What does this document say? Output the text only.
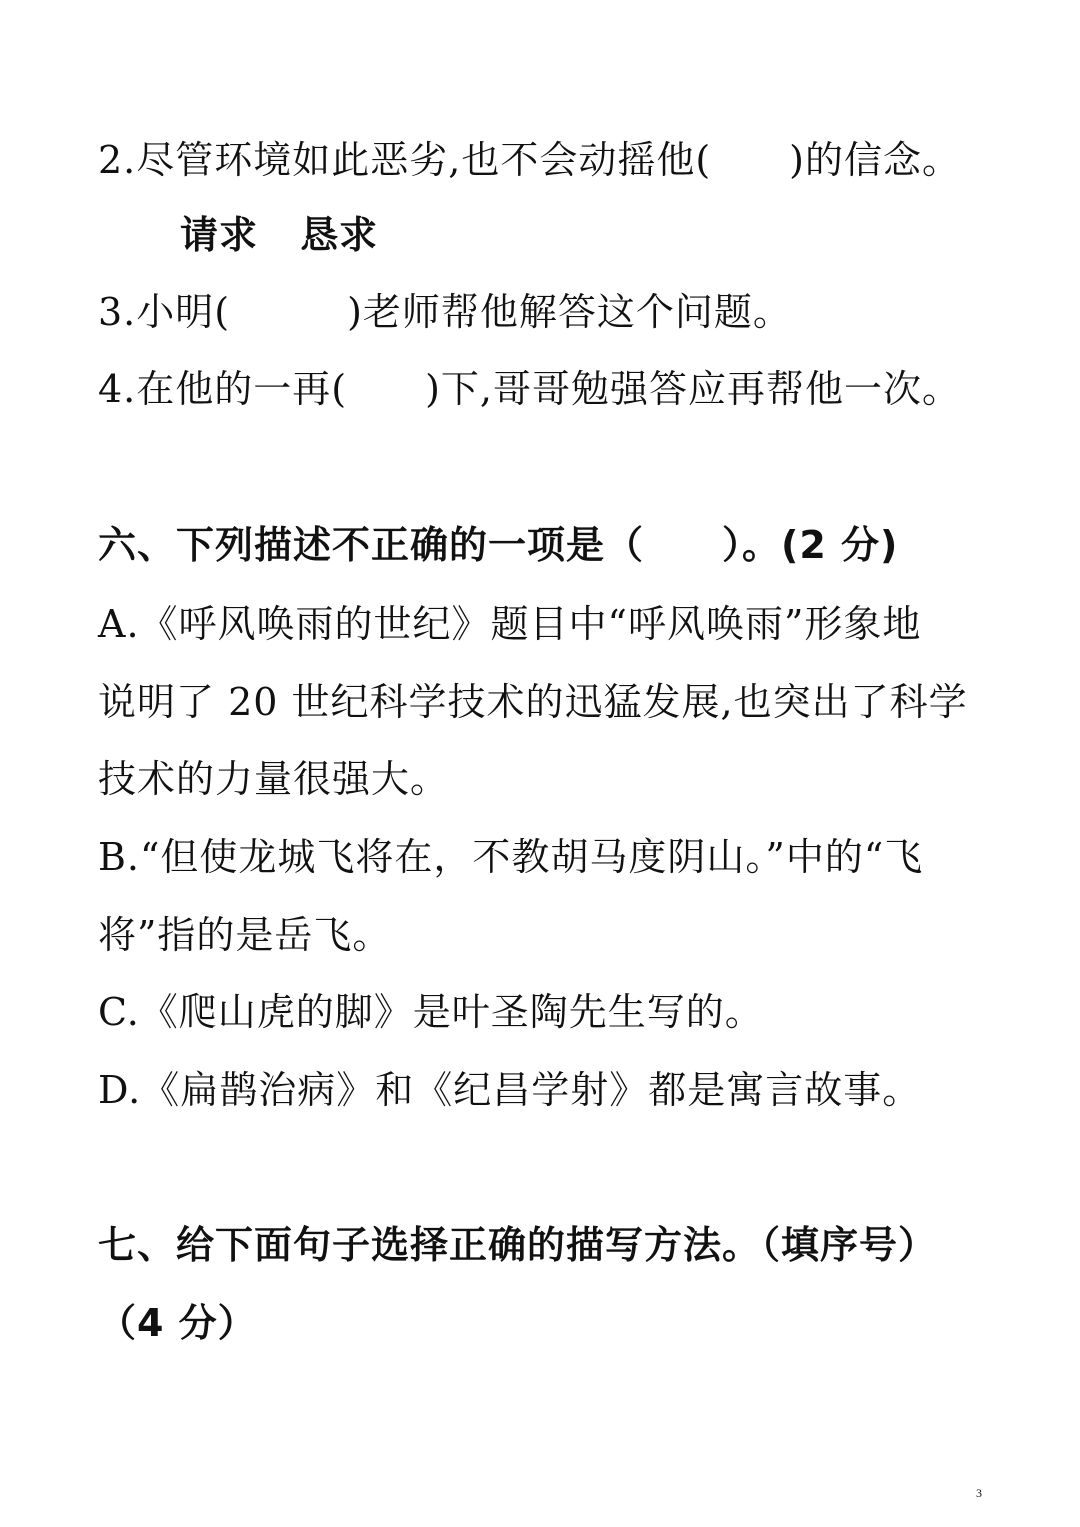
2.尽管环境如此恶劣,也不会动摇他(　　)的信念。
请求 恳求
3.小明(　　　)老师帮他解答这个问题。
4.在他的一再(　　)下,哥哥勉强答应再帮他一次。
六、下列描述不正确的一项是（　　）。(2 分)
A.《呼风唤雨的世纪》题目中“呼风唤雨”形象地
说明了 20 世纪科学技术的迅猛发展,也突出了科学
技术的力量很强大。
B.“但使龙城飞将在，不教胡马度阴山。”中的“飞
将”指的是岳飞。
C.《爬山虎的脚》是叶圣陶先生写的。
D.《扁鹊治病》和《纪昌学射》都是寓言故事。
七、给下面句子选择正确的描写方法。（填序号）
（4 分）
3
